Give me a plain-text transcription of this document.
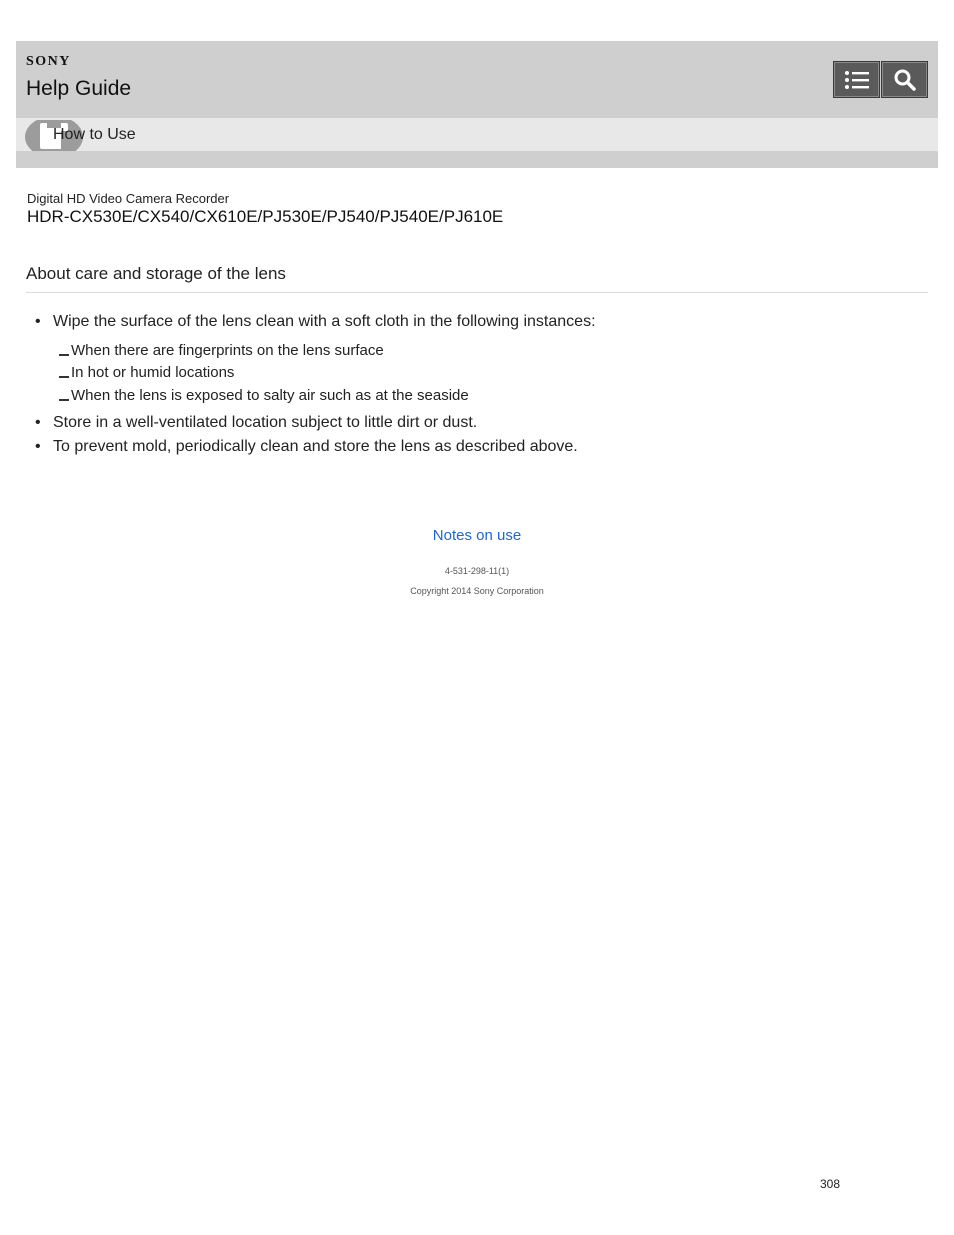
SONY
Help Guide
How to Use
Digital HD Video Camera Recorder
HDR-CX530E/CX540/CX610E/PJ530E/PJ540/PJ540E/PJ610E
About care and storage of the lens
• Wipe the surface of the lens clean with a soft cloth in the following instances:
When there are fingerprints on the lens surface
In hot or humid locations
When the lens is exposed to salty air such as at the seaside
• Store in a well-ventilated location subject to little dirt or dust.
• To prevent mold, periodically clean and store the lens as described above.
Notes on use
4-531-298-11(1)
Copyright 2014 Sony Corporation
308
